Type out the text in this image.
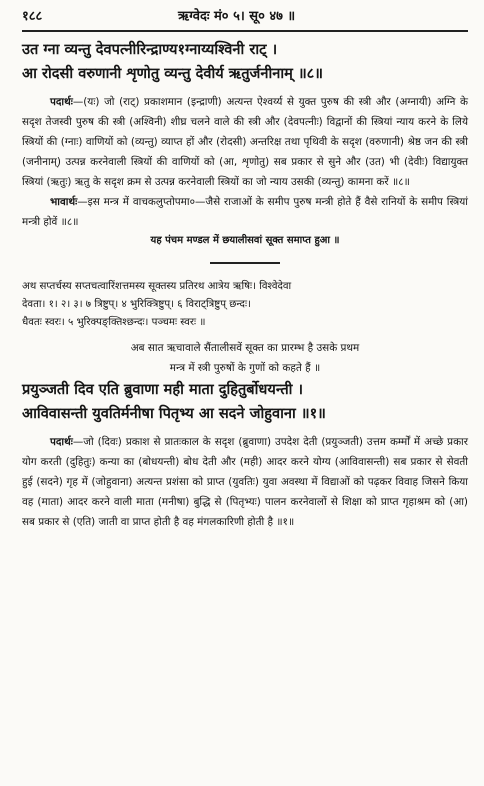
१८८	ऋग्वेदः मं० ५। सू० ४७ ॥
उत ग्ना व्यन्तु देवपत्नीरिन्द्राण्य१ग्नाय्यश्विनी राट् ।
आ रोदसी वरुणानी शृणोतु व्यन्तु देवीर्य ऋतुर्जनीनाम् ॥८॥
पदार्थः—(यः) जो (राट्) प्रकाशमान (इन्द्राणी) अत्यन्त ऐश्वर्य्य से युक्त पुरुष की स्त्री और (अग्नायी) अग्नि के सदृश तेजस्वी पुरुष की स्त्री (अश्विनी) शीघ्र चलने वाले की स्त्री और (देवपत्नीः) विद्वानों की स्त्रियां न्याय करने के लिये स्त्रियों की (ग्नाः) वाणियों को (व्यन्तु) व्याप्त हों और (रोदसी) अन्तरिक्ष तथा पृथिवी के सदृश (वरुणानी) श्रेष्ठ जन की स्त्री (जनीनाम्) उत्पन्न करनेवाली स्त्रियों की वाणियों को (आ, शृणोतु) सब प्रकार से सुने और (उत) भी (देवीः) विद्यायुक्त स्त्रियां (ऋतुः) ऋतु के सदृश क्रम से उत्पन्न करनेवाली स्त्रियों का जो न्याय उसकी (व्यन्तु) कामना करें ॥८॥
भावार्थः—इस मन्त्र में वाचकलुप्तोपमा०—जैसे राजाओं के समीप पुरुष मन्त्री होते हैं वैसे रानियों के समीप स्त्रियां मन्त्री होवें ॥८॥
यह पंचम मण्डल में छयालीसवां सूक्त समाप्त हुआ ॥
अथ सप्तर्चस्य सप्तचत्वारिंशत्तमस्य सूक्तस्य प्रतिरथ आत्रेय ऋषिः। विश्वेदेवा
देवता। १। २। ३। ७ त्रिष्टुप्। ४ भुरिक्त्रिष्टुप्। ६ विराट्त्रिष्टुप् छन्दः।
धैवतः स्वरः। ५ भुरिक्पङ्क्तिश्छन्दः। पञ्चमः स्वरः ॥
अब सात ऋचावाले सैंतालीसवें सूक्त का प्रारम्भ है उसके प्रथम
मन्त्र में स्त्री पुरुषों के गुणों को कहते हैं ॥
प्रयुञ्जती दिव एति ब्रुवाणा मही माता दुहितुर्बोधयन्ती ।
आविवासन्ती युवतिर्मनीषा पितृभ्य आ सदने जोहुवाना ॥१॥
पदार्थः—जो (दिवः) प्रकाश से प्रातःकाल के सदृश (ब्रुवाणा) उपदेश देती (प्रयुञ्जती) उत्तम कर्म्मों में अच्छे प्रकार योग करती (दुहितुः) कन्या का (बोधयन्ती) बोध देती और (मही) आदर करने योग्य (आविवासन्ती) सब प्रकार से सेवती हुई (सदने) गृह में (जोहुवाना) अत्यन्त प्रशंसा को प्राप्त (युवतिः) युवा अवस्था में विद्याओं को पढ़कर विवाह जिसने किया वह (माता) आदर करने वाली माता (मनीषा) बुद्धि से (पितृभ्यः) पालन करनेवालों से शिक्षा को प्राप्त गृहाश्रम को (आ) सब प्रकार से (एति) जाती वा प्राप्त होती है वह मंगलकारिणी होती है ॥१॥
